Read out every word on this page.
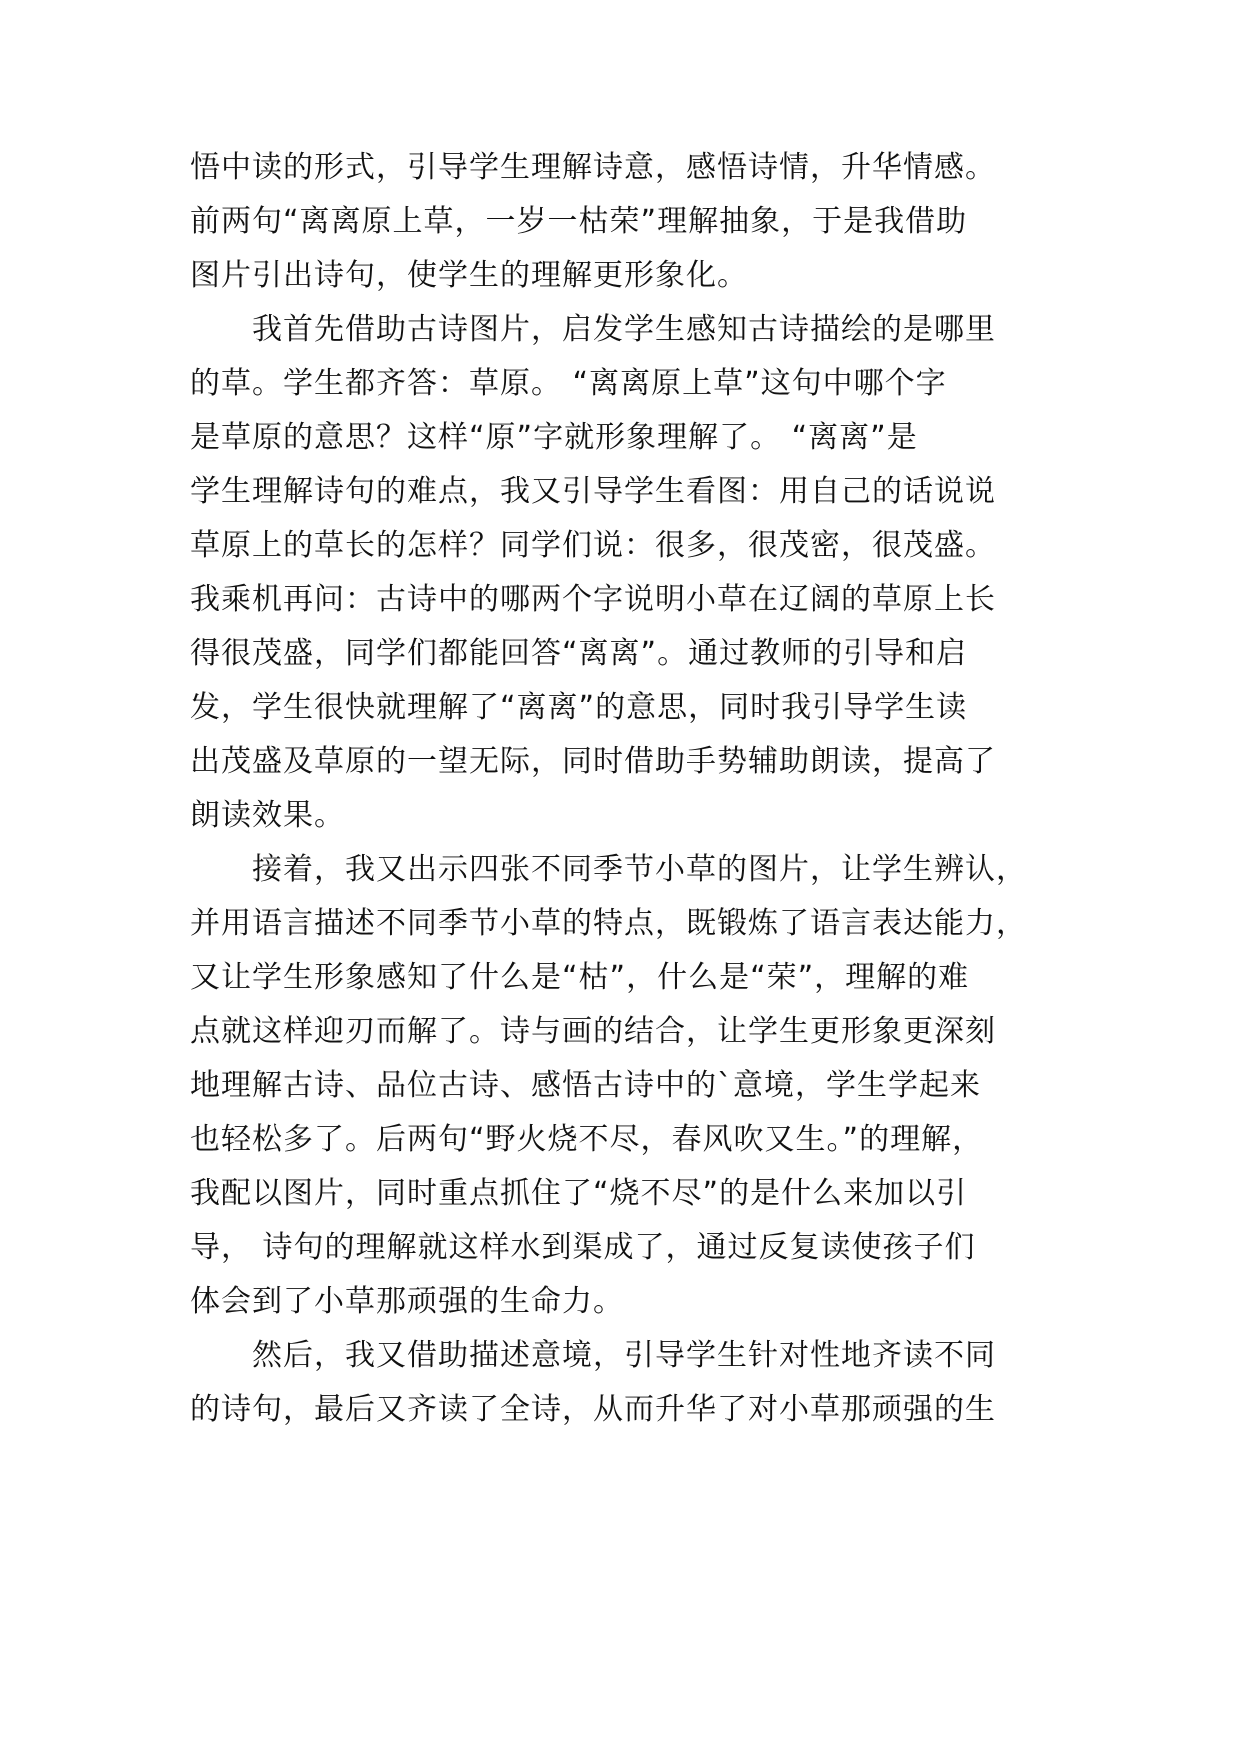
悟中读的形式，引导学生理解诗意，感悟诗情，升华情感。
前两句“离离原上草，一岁一枯荣”理解抽象，于是我借助
图片引出诗句，使学生的理解更形象化。
我首先借助古诗图片，启发学生感知古诗描绘的是哪里
的草。学生都齐答：草原。 “离离原上草”这句中哪个字
是草原的意思？这样“原”字就形象理解了。 “离离”是
学生理解诗句的难点，我又引导学生看图：用自己的话说说
草原上的草长的怎样？同学们说：很多，很茂密，很茂盛。
我乘机再问：古诗中的哪两个字说明小草在辽阔的草原上长
得很茂盛，同学们都能回答“离离”。通过教师的引导和启
发，学生很快就理解了“离离”的意思，同时我引导学生读
出茂盛及草原的一望无际，同时借助手势辅助朗读，提高了
朗读效果。
接着，我又出示四张不同季节小草的图片，让学生辨认，
并用语言描述不同季节小草的特点，既锻炼了语言表达能力，
又让学生形象感知了什么是“枯”，什么是“荣”，理解的难
点就这样迎刃而解了。诗与画的结合，让学生更形象更深刻
地理解古诗、品位古诗、感悟古诗中的`意境，学生学起来
也轻松多了。后两句“野火烧不尽，春风吹又生。”的理解，
我配以图片，同时重点抓住了“烧不尽”的是什么来加以引
导， 诗句的理解就这样水到渠成了，通过反复读使孩子们
体会到了小草那顽强的生命力。
然后，我又借助描述意境，引导学生针对性地齐读不同
的诗句，最后又齐读了全诗，从而升华了对小草那顽强的生
